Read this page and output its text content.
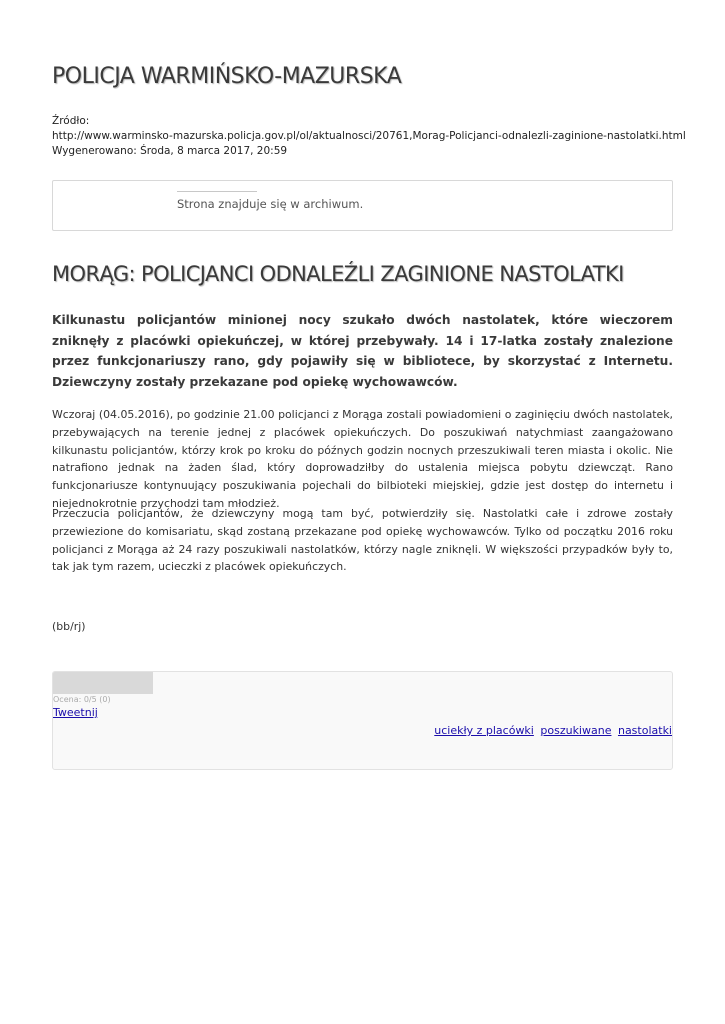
POLICJA WARMIŃSKO-MAZURSKA
Źródło:
http://www.warminsko-mazurska.policja.gov.pl/ol/aktualnosci/20761,Morag-Policjanci-odnalezli-zaginione-nastolatki.html
Wygenerowano: Środa, 8 marca 2017, 20:59
Strona znajduje się w archiwum.
MORĄG: POLICJANCI ODNALEŹLI ZAGINIONE NASTOLATKI

Kilkunastu policjantów minionej nocy szukało dwóch nastolatek, które wieczorem zniknęły z placówki opiekuńczej, w której przebywały. 14 i 17-latka zostały znalezione przez funkcjonariuszy rano, gdy pojawiły się w bibliotece, by skorzystać z Internetu. Dziewczyny zostały przekazane pod opiekę wychowawców.

Wczoraj (04.05.2016), po godzinie 21.00 policjanci z Morąga zostali powiadomieni o zaginięciu dwóch nastolatek, przebywających na terenie jednej z placówek opiekuńczych. Do poszukiwań natychmiast zaangażowano kilkunastu policjantów, którzy krok po kroku do późnych godzin nocnych przeszukiwali teren miasta i okolic. Nie natrafiono jednak na żaden ślad, który doprowadziłby do ustalenia miejsca pobytu dziewcząt. Rano funkcjonariusze kontynuujący poszukiwania pojechali do bilbioteki miejskiej, gdzie jest dostęp do internetu i niejednokrotnie przychodzi tam młodzież.

Przeczucia policjantów, że dziewczyny mogą tam być, potwierdziły się. Nastolatki całe i zdrowe zostały przewiezione do komisariatu, skąd zostaną przekazane pod opiekę wychowawców. Tylko od początku 2016 roku policjanci z Morąga aż 24 razy poszukiwali nastolatków, którzy nagle zniknęli. W większości przypadków były to, tak jak tym razem, ucieczki z placówek opiekuńczych.

(bb/rj)
Ocena: 0/5 (0)
Tweetnij
uciekły z placówki poszukiwane nastolatki
